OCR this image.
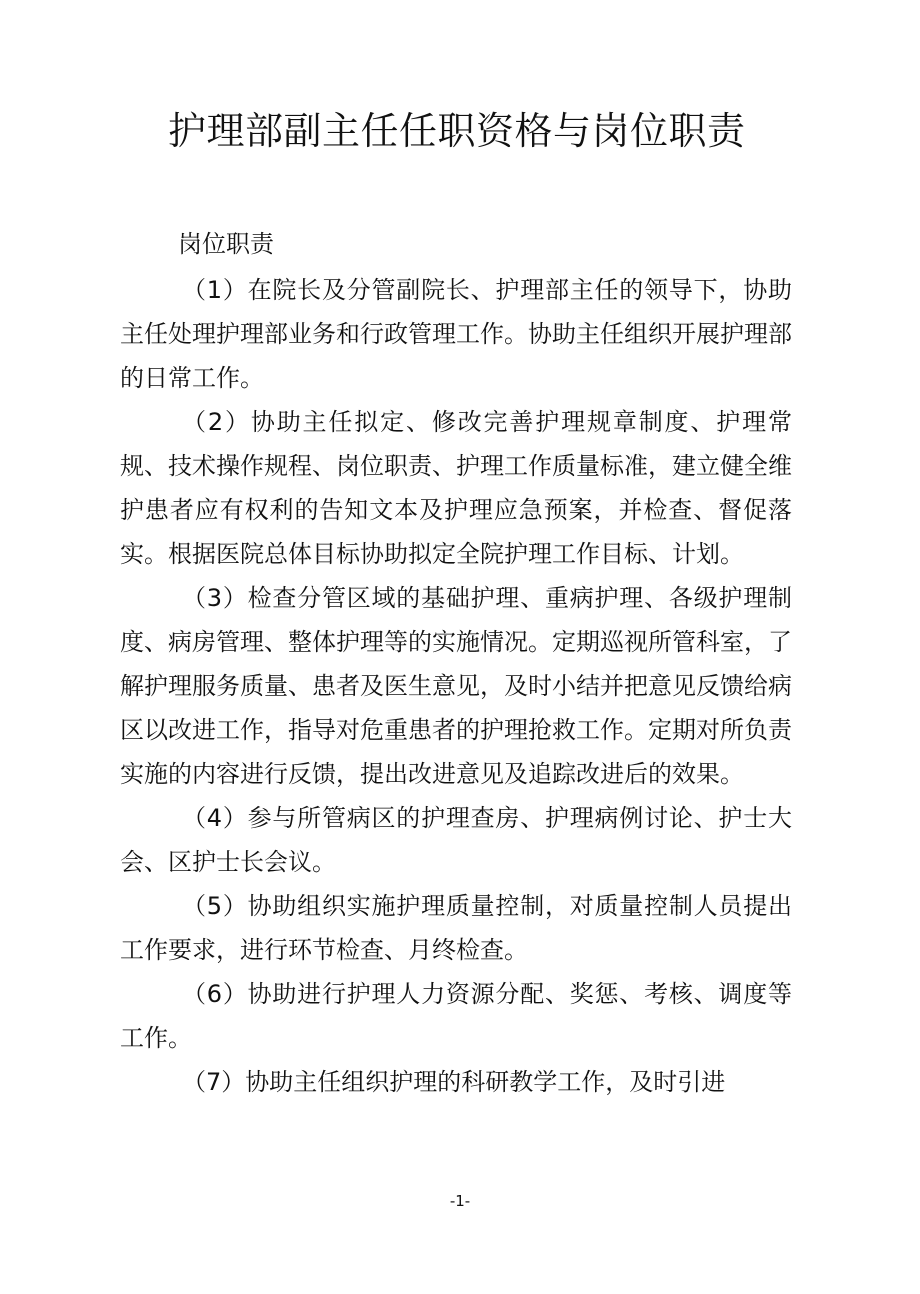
护理部副主任任职资格与岗位职责
岗位职责

（1）在院长及分管副院长、护理部主任的领导下，协助主任处理护理部业务和行政管理工作。协助主任组织开展护理部的日常工作。

（2）协助主任拟定、修改完善护理规章制度、护理常规、技术操作规程、岗位职责、护理工作质量标准，建立健全维护患者应有权利的告知文本及护理应急预案，并检查、督促落实。根据医院总体目标协助拟定全院护理工作目标、计划。

（3）检查分管区域的基础护理、重病护理、各级护理制度、病房管理、整体护理等的实施情况。定期巡视所管科室，了解护理服务质量、患者及医生意见，及时小结并把意见反馈给病区以改进工作，指导对危重患者的护理抢救工作。定期对所负责实施的内容进行反馈，提出改进意见及追踪改进后的效果。

（4）参与所管病区的护理查房、护理病例讨论、护士大会、区护士长会议。

（5）协助组织实施护理质量控制，对质量控制人员提出工作要求，进行环节检查、月终检查。

（6）协助进行护理人力资源分配、奖惩、考核、调度等工作。

（7）协助主任组织护理的科研教学工作，及时引进

-1-
